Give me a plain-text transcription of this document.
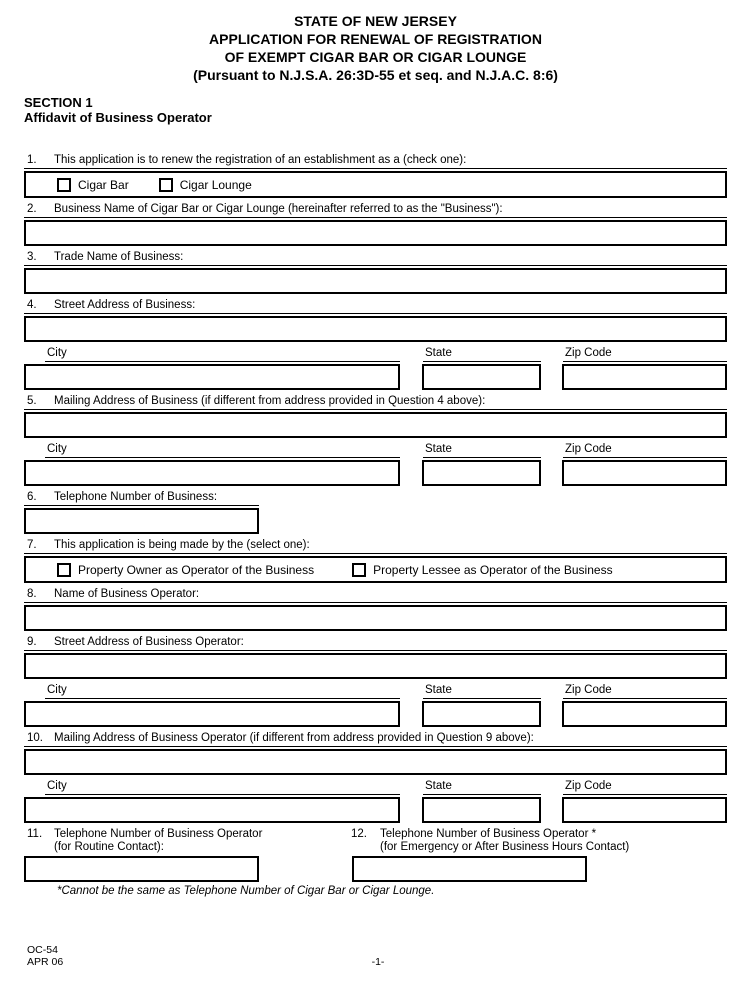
STATE OF NEW JERSEY
APPLICATION FOR RENEWAL OF REGISTRATION
OF EXEMPT CIGAR BAR OR CIGAR LOUNGE
(Pursuant to N.J.S.A. 26:3D-55 et seq. and N.J.A.C. 8:6)
SECTION 1
Affidavit of Business Operator
1.	This application is to renew the registration of an establishment as a (check one):
Cigar Bar	Cigar Lounge
2.	Business Name of Cigar Bar or Cigar Lounge (hereinafter referred to as the "Business"):
3.	Trade Name of Business:
4.	Street Address of Business:
City	State	Zip Code
5.	Mailing Address of Business (if different from address provided in Question 4 above):
City	State	Zip Code
6.	Telephone Number of Business:
7.	This application is being made by the (select one):
Property Owner as Operator of the Business	Property Lessee as Operator of the Business
8.	Name of Business Operator:
9.	Street Address of Business Operator:
City	State	Zip Code
10. Mailing Address of Business Operator (if different from address provided in Question 9 above):
City	State	Zip Code
11.	Telephone Number of Business Operator
(for Routine Contact):
12.	Telephone Number of Business Operator *
(for Emergency or After Business Hours Contact)
*Cannot be the same as Telephone Number of Cigar Bar or Cigar Lounge.
OC-54
APR 06	-1-
